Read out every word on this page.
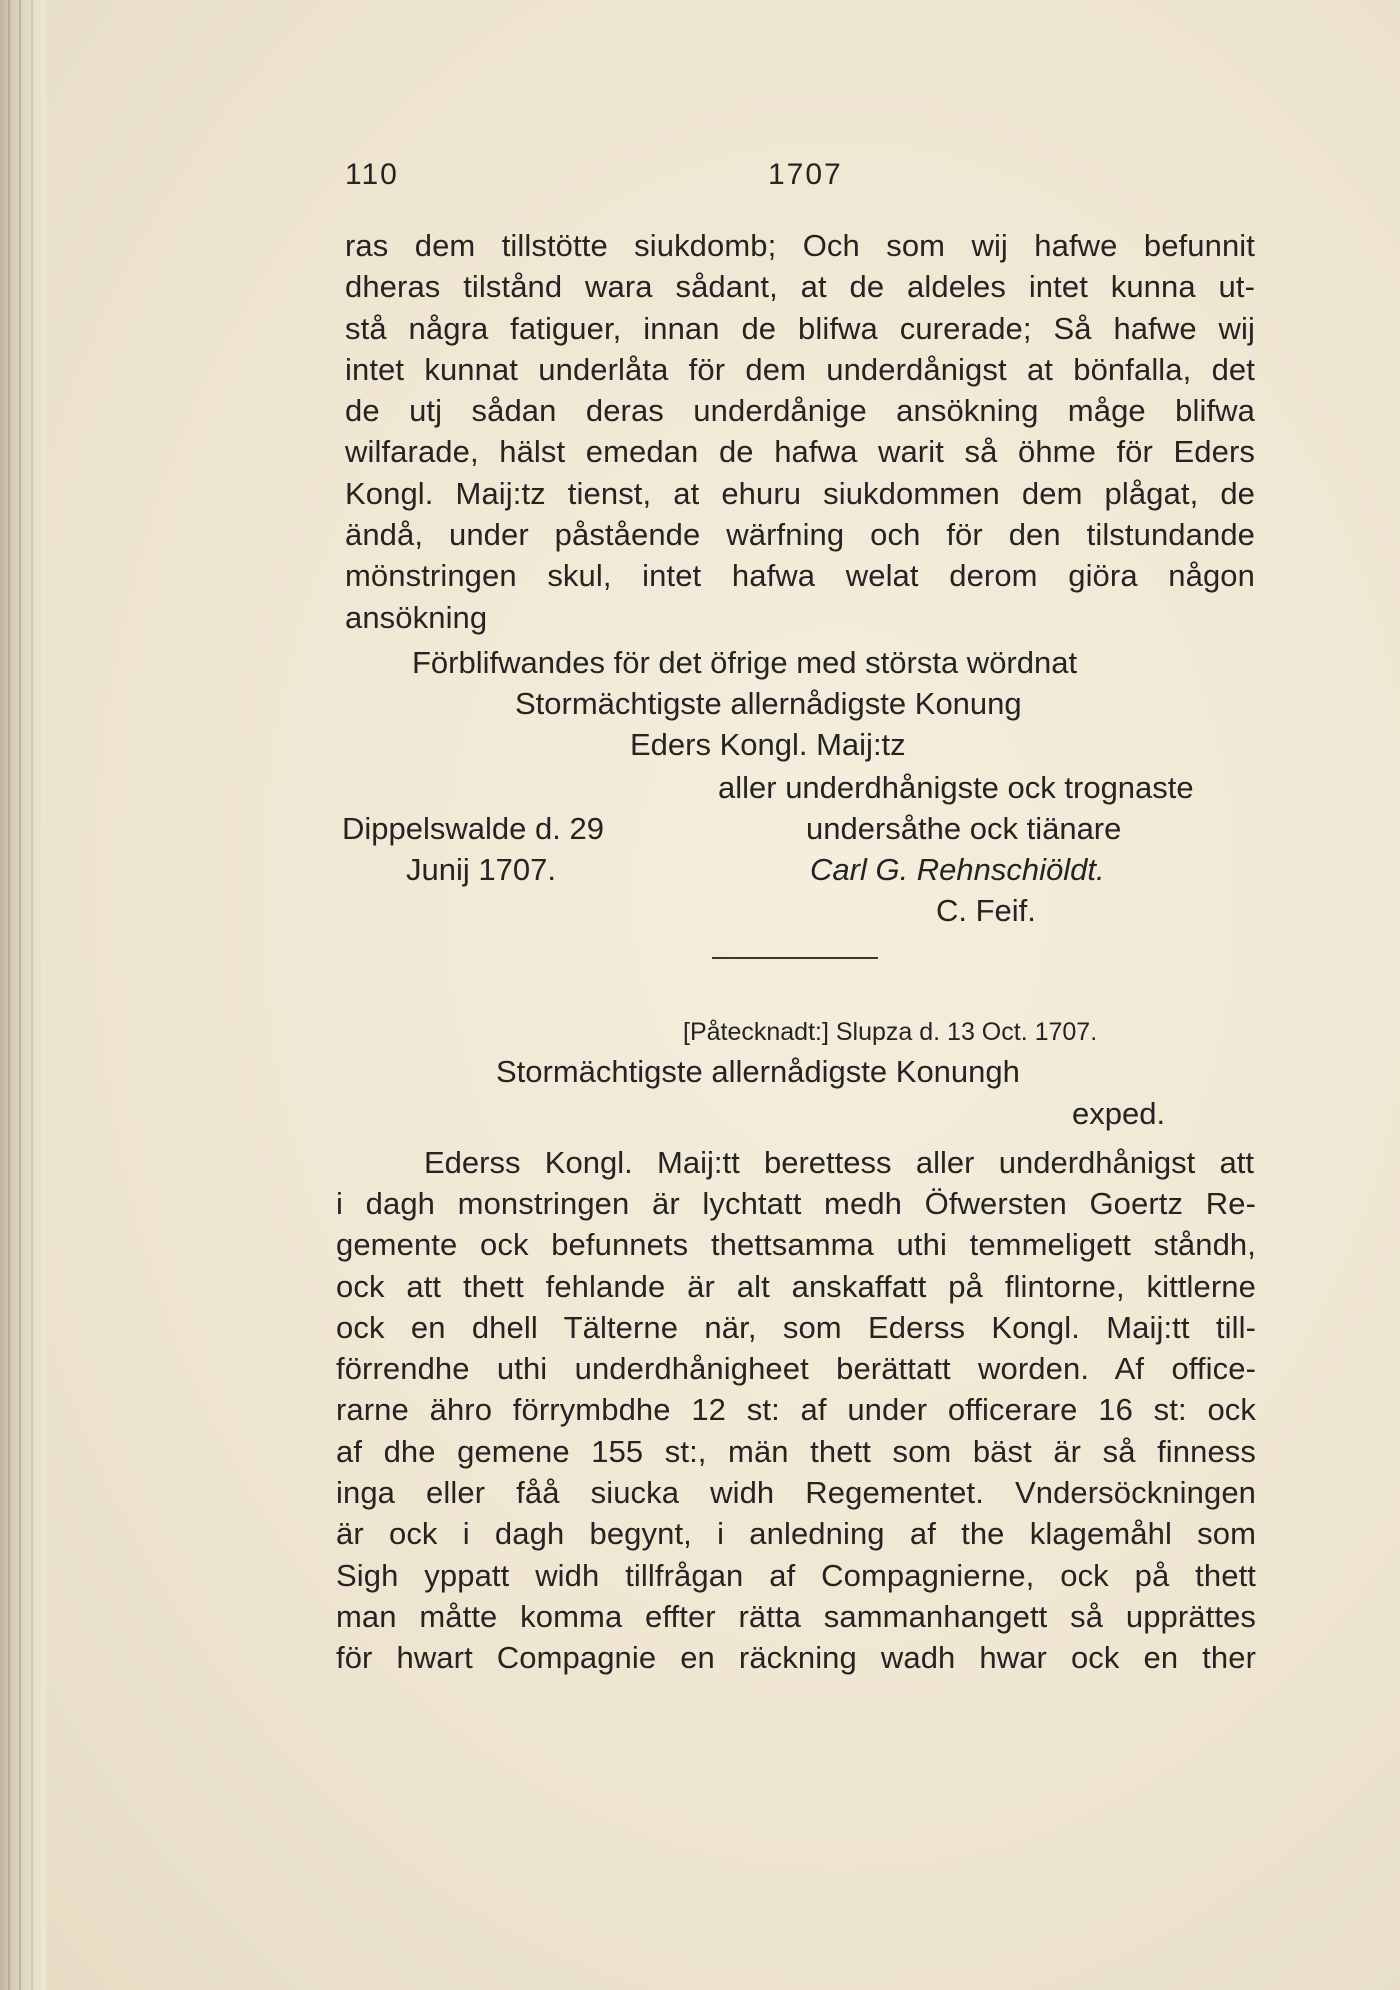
110	1707
ras dem tillstötte siukdomb; Och som wij hafwe befunnit
dheras tilstånd wara sådant, at de aldeles intet kunna ut-
stå några fatiguer, innan de blifwa curerade; Så hafwe wij
intet kunnat underlåta för dem underdånigst at bönfalla, det
de utj sådan deras underdånige ansökning måge blifwa
wilfarade, hälst emedan de hafwa warit så öhme för Eders
Kongl. Maij:tz tienst, at ehuru siukdommen dem plågat, de
ändå, under påstående wärfning och för den tilstundande
mönstringen skul, intet hafwa welat derom giöra någon
ansökning
Förblifwandes för det öfrige med största wördnat
Stormächtigste allernådigste Konung
Eders Kongl. Maij:tz
aller underdhånigste ock trognaste
Dippelswalde d. 29	undersåthe ock tiänare
Junij 1707.	Carl G. Rehnschiöldt.
C. Feif.
[Påtecknadt:] Slupza d. 13 Oct. 1707.
Stormächtigste allernådigste Konungh
exped.
Ederss Kongl. Maij:tt berettess aller underdhånigst att
i dagh monstringen är lychtatt medh Öfwersten Goertz Re-
gemente ock befunnets thettsamma uthi temmeligett ståndh,
ock att thett fehlande är alt anskaffatt på flintorne, kittlerne
ock en dhell Tälterne när, som Ederss Kongl. Maij:tt till-
förrendhe uthi underdhånigheet berättatt worden. Af office-
rarne ähro förrymbdhe 12 st: af under officerare 16 st: ock
af dhe gemene 155 st:, män thett som bäst är så finness
inga eller fåå siucka widh Regementet. Vndersöckningen
är ock i dagh begynt, i anledning af the klagemåhl som
Sigh yppatt widh tillfrågan af Compagnierne, ock på thett
man måtte komma effter rätta sammanhangett så upprättes
för hwart Compagnie en räckning wadh hwar ock en ther
